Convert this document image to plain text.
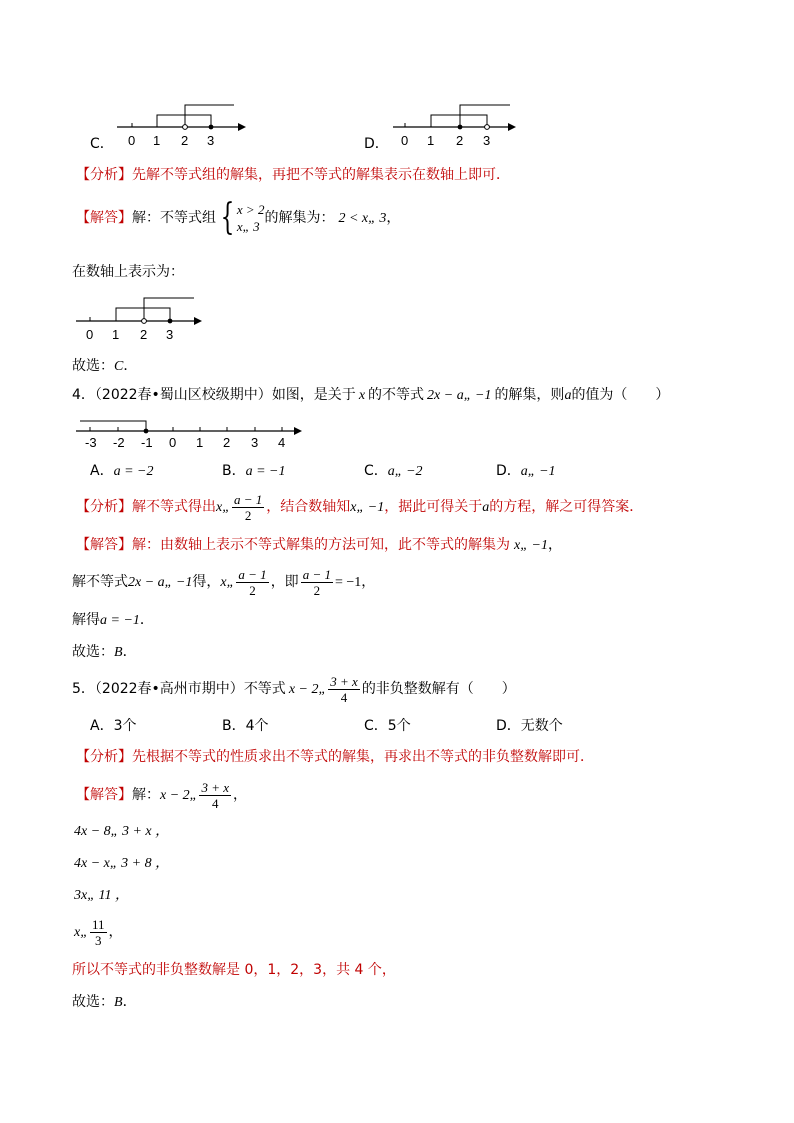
C． 0 1 2 3	D． 0 1 2 3
【分析】先解不等式组的解集，再把不等式的解集表示在数轴上即可．
【解答】解：不等式组 { x > 2
x„ 3
的解集为： 2 < x„ 3，
在数轴上表示为：
0 1 2 3
故选：C．
4．（2022春•蜀山区校级期中）如图，是关于 x 的不等式 2x − a„ −1 的解集，则a的值为（　　）
-3 -2 -1 0 1 2 3 4
A．a = −2	B．a = −1	C．a„ −2	D．a„ −1
【分析】解不等式得出x„ $\frac{a - 1}{2}$ ，结合数轴知x„ −1，据此可得关于a的方程，解之可得答案．
【解答】解：由数轴上表示不等式解集的方法可知，此不等式的解集为 x„ −1，
解不等式2x − a„ −1得，x„ $\frac{a - 1}{2}$ ，即 $\frac{a - 1}{2} = -1$，
解得a = −1．
故选：B．
5．（2022春•高州市期中）不等式 x − 2„ $\frac{3 + x}{4}$ 的非负整数解有（　　）
A．3个	B．4个	C．5个	D．无数个
【分析】先根据不等式的性质求出不等式的解集，再求出不等式的非负整数解即可．
【解答】解：x − 2„ $\frac{3 + x}{4}$ ，
4x − 8„ 3 + x ，
4x − x„ 3 + 8 ，
3x„ 11 ，
x„ $\frac{11}{3}$ ，
所以不等式的非负整数解是 0，1，2，3，共 4 个，
故选：B．
